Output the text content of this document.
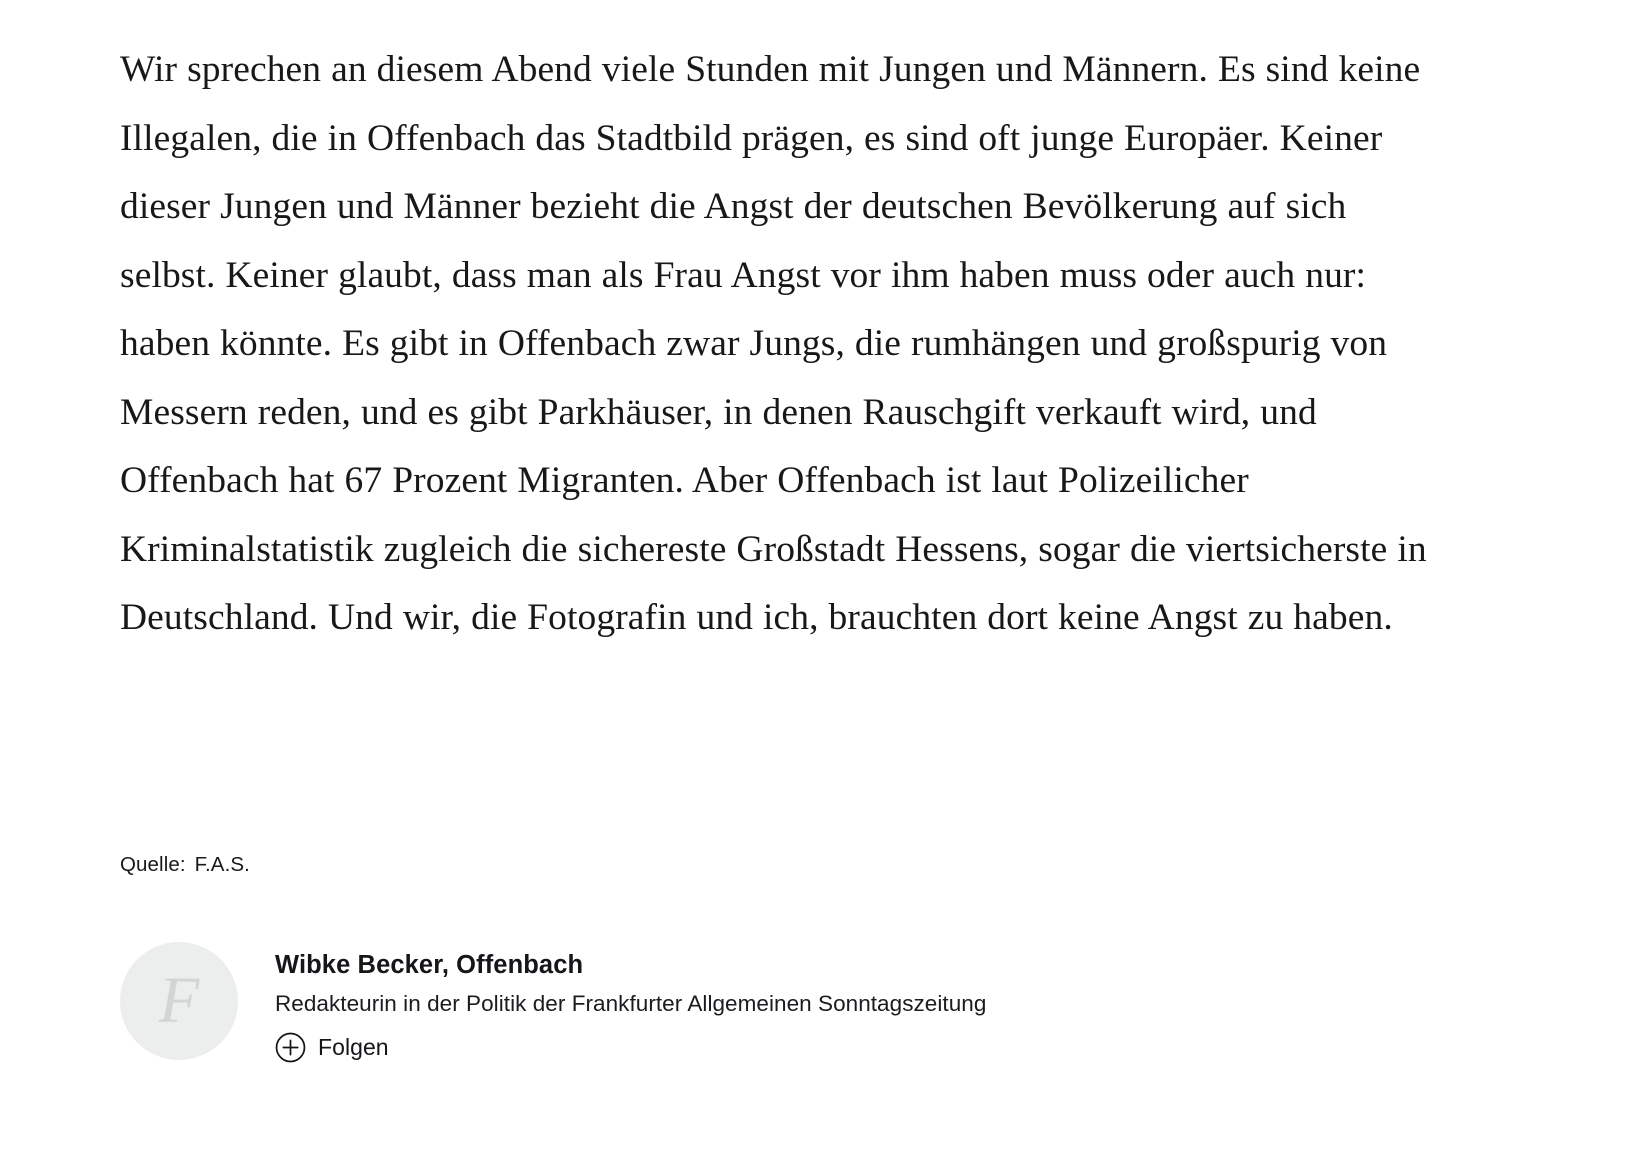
Wir sprechen an diesem Abend viele Stunden mit Jungen und Männern. Es sind keine Illegalen, die in Offenbach das Stadtbild prägen, es sind oft junge Europäer. Keiner dieser Jungen und Männer bezieht die Angst der deutschen Bevölkerung auf sich selbst. Keiner glaubt, dass man als Frau Angst vor ihm haben muss oder auch nur: haben könnte. Es gibt in Offenbach zwar Jungs, die rumhängen und großspurig von Messern reden, und es gibt Parkhäuser, in denen Rauschgift verkauft wird, und Offenbach hat 67 Prozent Migranten. Aber Offenbach ist laut Polizeilicher Kriminalstatistik zugleich die sichereste Großstadt Hessens, sogar die viertsicherste in Deutschland. Und wir, die Fotografin und ich, brauchten dort keine Angst zu haben.

Quelle: F.A.S.
F	Wibke Becker, Offenbach
Redakteurin in der Politik der Frankfurter Allgemeinen Sonntagszeitung
Folgen
